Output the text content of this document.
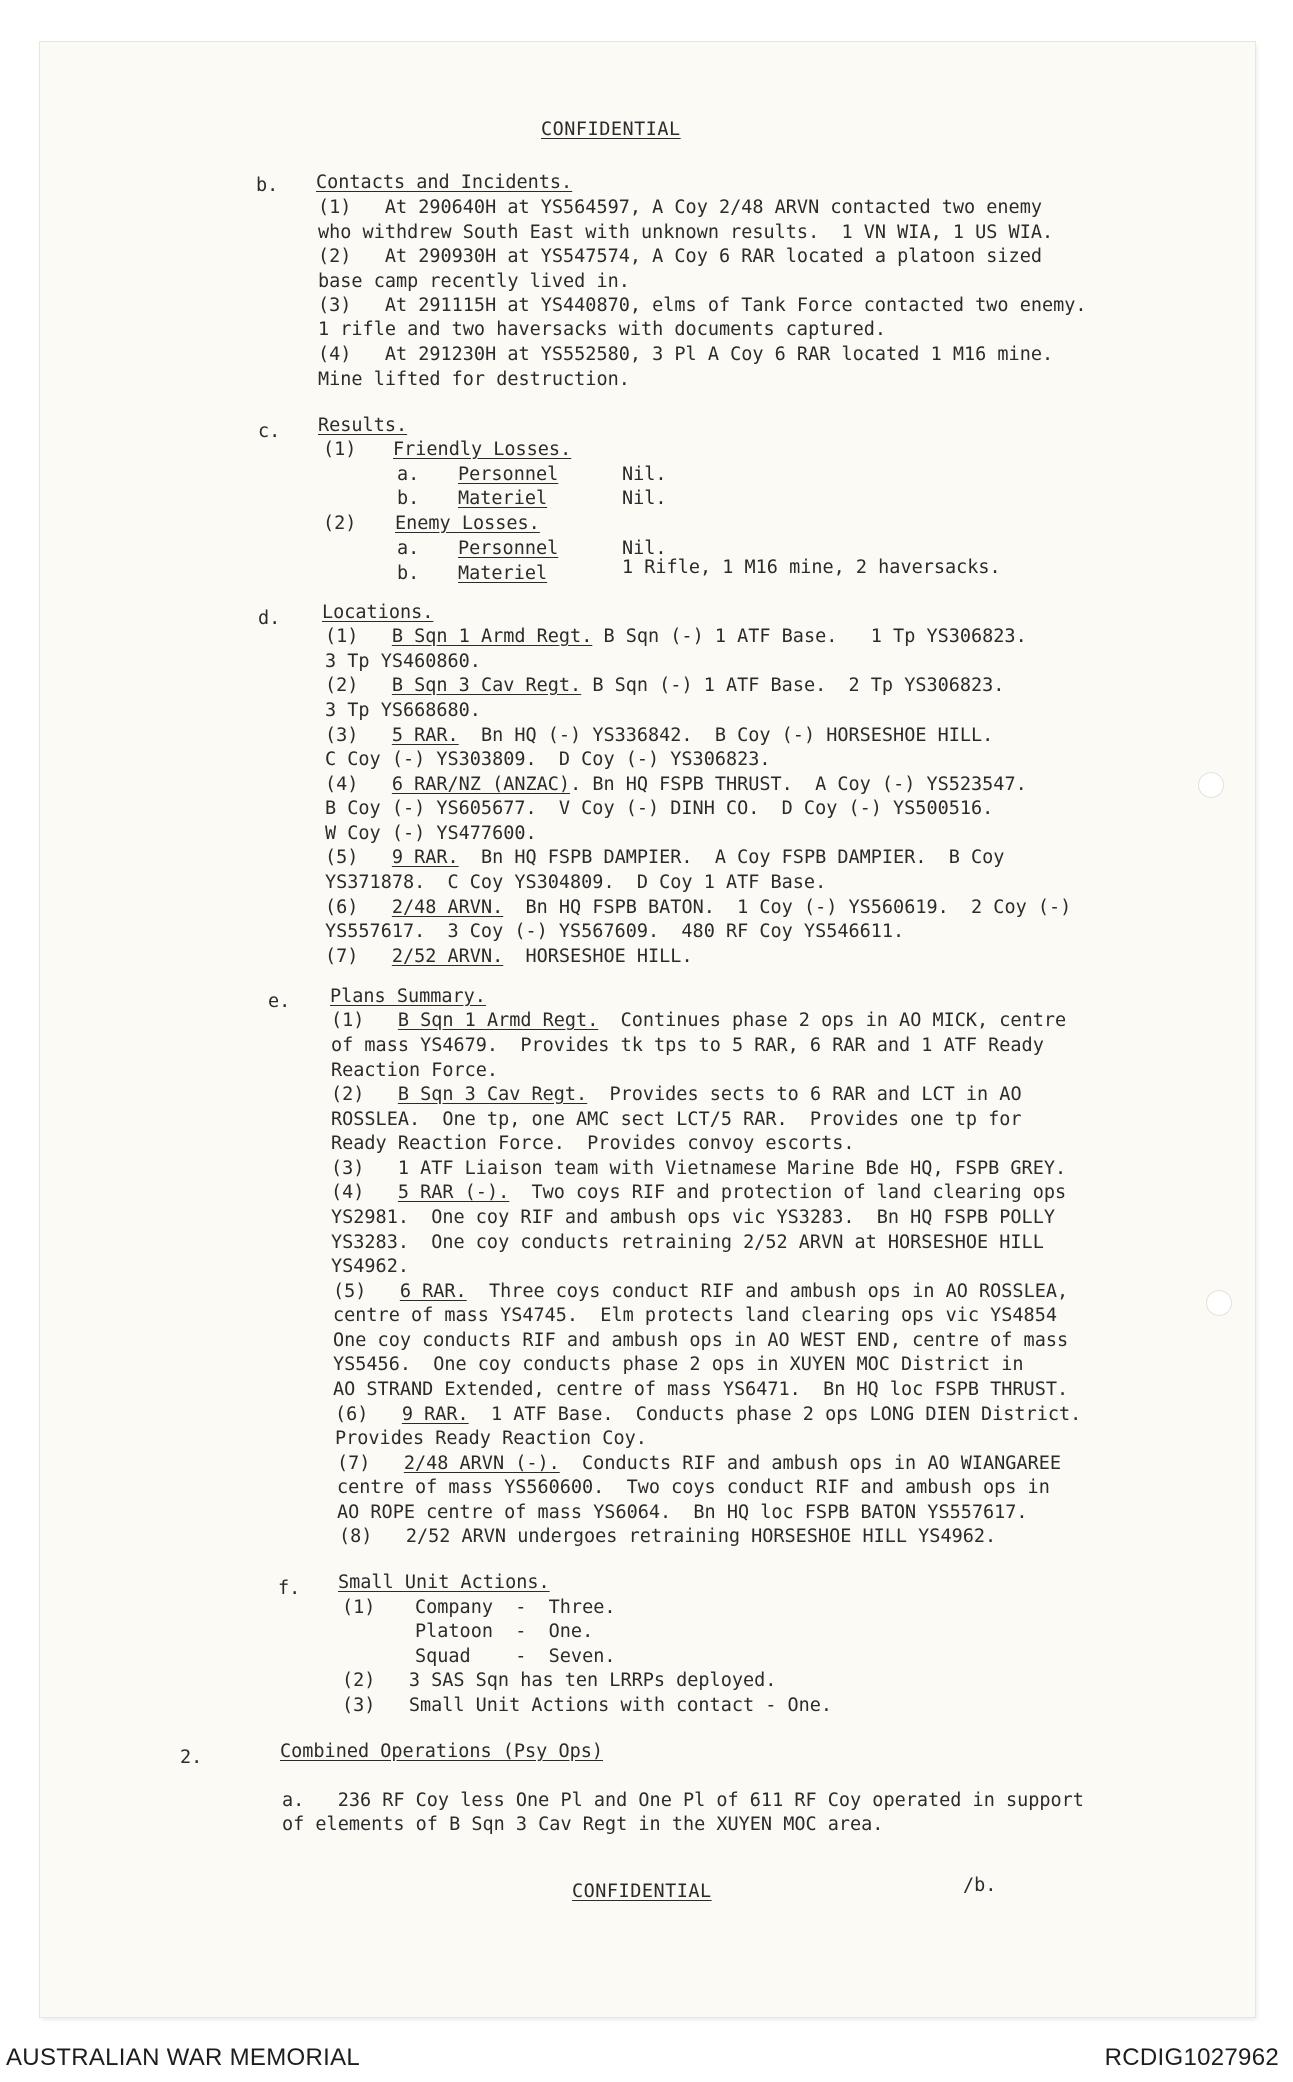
CONFIDENTIAL
b. Contacts and Incidents.
(1)   At 290640H at YS564597, A Coy 2/48 ARVN contacted two enemy
who withdrew South East with unknown results.  1 VN WIA, 1 US WIA.
(2)   At 290930H at YS547574, A Coy 6 RAR located a platoon sized
base camp recently lived in.
(3)   At 291115H at YS440870, elms of Tank Force contacted two enemy.
1 rifle and two haversacks with documents captured.
(4)   At 291230H at YS552580, 3 Pl A Coy 6 RAR located 1 M16 mine.
Mine lifted for destruction.
c. Results.
(1) Friendly Losses.
a. Personnel	Nil.
b. Materiel	Nil.
(2) Enemy Losses.
a. Personnel	Nil.
b. Materiel	1 Rifle, 1 M16 mine, 2 haversacks.
d. Locations.
(1) B Sqn 1 Armd Regt. B Sqn (-) 1 ATF Base.   1 Tp YS306823.
3 Tp YS460860.
(2) B Sqn 3 Cav Regt. B Sqn (-) 1 ATF Base.  2 Tp YS306823.
3 Tp YS668680.
(3) 5 RAR.  Bn HQ (-) YS336842.  B Coy (-) HORSESHOE HILL.
C Coy (-) YS303809.  D Coy (-) YS306823.
(4) 6 RAR/NZ (ANZAC). Bn HQ FSPB THRUST.  A Coy (-) YS523547.
B Coy (-) YS605677.  V Coy (-) DINH CO.  D Coy (-) YS500516.
W Coy (-) YS477600.
(5) 9 RAR.  Bn HQ FSPB DAMPIER.  A Coy FSPB DAMPIER.  B Coy
YS371878.  C Coy YS304809.  D Coy 1 ATF Base.
(6) 2/48 ARVN.  Bn HQ FSPB BATON.  1 Coy (-) YS560619.  2 Coy (-)
YS557617.  3 Coy (-) YS567609.  480 RF Coy YS546611.
(7) 2/52 ARVN.  HORSESHOE HILL.
e. Plans Summary.
(1) B Sqn 1 Armd Regt.  Continues phase 2 ops in AO MICK, centre
of mass YS4679.  Provides tk tps to 5 RAR, 6 RAR and 1 ATF Ready
Reaction Force.
(2) B Sqn 3 Cav Regt.  Provides sects to 6 RAR and LCT in AO
ROSSLEA.  One tp, one AMC sect LCT/5 RAR.  Provides one tp for
Ready Reaction Force.  Provides convoy escorts.
(3)   1 ATF Liaison team with Vietnamese Marine Bde HQ, FSPB GREY.
(4) 5 RAR (-).  Two coys RIF and protection of land clearing ops
YS2981.  One coy RIF and ambush ops vic YS3283.  Bn HQ FSPB POLLY
YS3283.  One coy conducts retraining 2/52 ARVN at HORSESHOE HILL
YS4962.
(5) 6 RAR.  Three coys conduct RIF and ambush ops in AO ROSSLEA,
centre of mass YS4745.  Elm protects land clearing ops vic YS4854
One coy conducts RIF and ambush ops in AO WEST END, centre of mass
YS5456.  One coy conducts phase 2 ops in XUYEN MOC District in
AO STRAND Extended, centre of mass YS6471.  Bn HQ loc FSPB THRUST.
(6) 9 RAR.  1 ATF Base.  Conducts phase 2 ops LONG DIEN District.
Provides Ready Reaction Coy.
(7) 2/48 ARVN (-).  Conducts RIF and ambush ops in AO WIANGAREE
centre of mass YS560600.  Two coys conduct RIF and ambush ops in
AO ROPE centre of mass YS6064.  Bn HQ loc FSPB BATON YS557617.
(8)   2/52 ARVN undergoes retraining HORSESHOE HILL YS4962.
f. Small Unit Actions.
(1) Company  -  Three.
Platoon  -  One.
Squad    -  Seven.
(2)   3 SAS Sqn has ten LRRPs deployed.
(3)   Small Unit Actions with contact - One.
2.	Combined Operations (Psy Ops)
a.   236 RF Coy less One Pl and One Pl of 611 RF Coy operated in support
of elements of B Sqn 3 Cav Regt in the XUYEN MOC area.
CONFIDENTIAL	/b.
AUSTRALIAN WAR MEMORIAL	RCDIG1027962
